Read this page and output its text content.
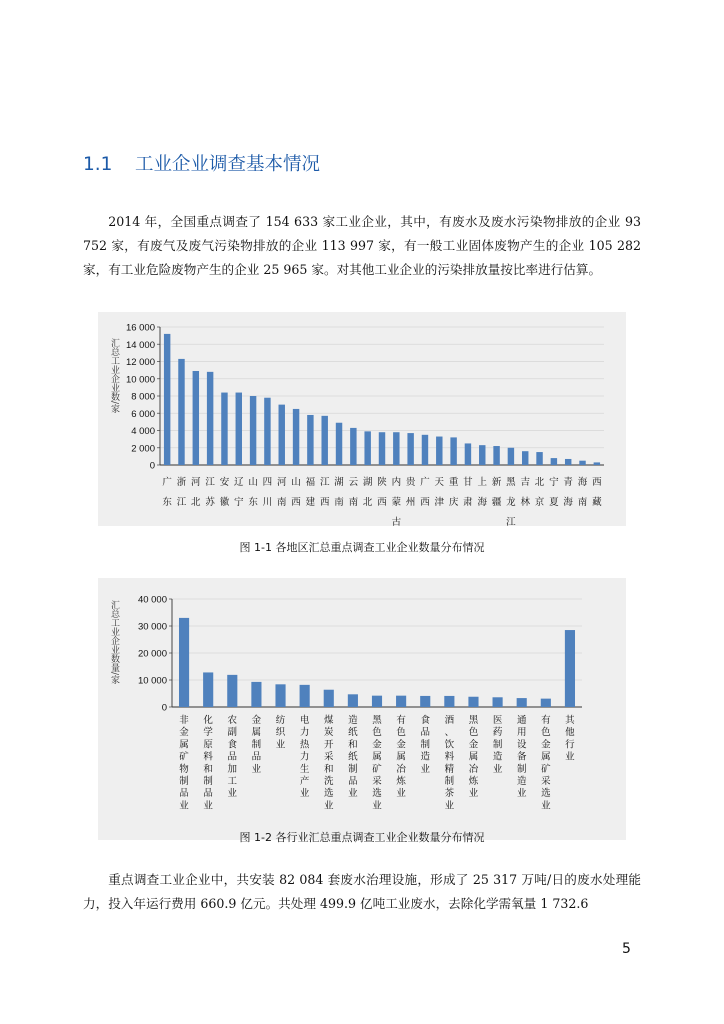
1.1 工业企业调查基本情况

2014 年，全国重点调查了 154 633 家工业企业，其中，有废水及废水污染物排放的企业 93 752 家，有废气及废气污染物排放的企业 113 997 家，有一般工业固体废物产生的企业 105 282 家，有工业危险废物产生的企业 25 965 家。对其他工业企业的污染排放量按比率进行估算。

0
2 000
4 000
6 000
8 000
10 000
12 000
14 000
16 000
汇总工业企业数/家
广东
浙江
河北
江苏
安徽
辽宁
山东
四川
河南
山西
福建
江西
湖南
云南
湖北
陕西
内蒙古
贵州
广西
天津
重庆
甘肃
上海
新疆
黑龙江
吉林
北京
宁夏
青海
海南
西藏

图 1-1 各地区汇总重点调查工业企业数量分布情况

0
10 000
20 000
30 000
40 000
汇总工业企业数量/家
非金属矿物制品业
化学原料和制品业
农副食品加工业
金属制品业
纺织业
电力热力生产业
煤炭开采和洗选业
造纸和纸制品业
黑色金属矿采选业
有色金属冶炼业
食品制造业
酒、饮料精制茶业
黑色金属冶炼业
医药制造业
通用设备制造业
有色金属矿采选业
其他行业

图 1-2 各行业汇总重点调查工业企业数量分布情况

重点调查工业企业中，共安装 82 084 套废水治理设施，形成了 25 317 万吨/日的废水处理能力，投入年运行费用 660.9 亿元。共处理 499.9 亿吨工业废水，去除化学需氧量 1 732.6

5
